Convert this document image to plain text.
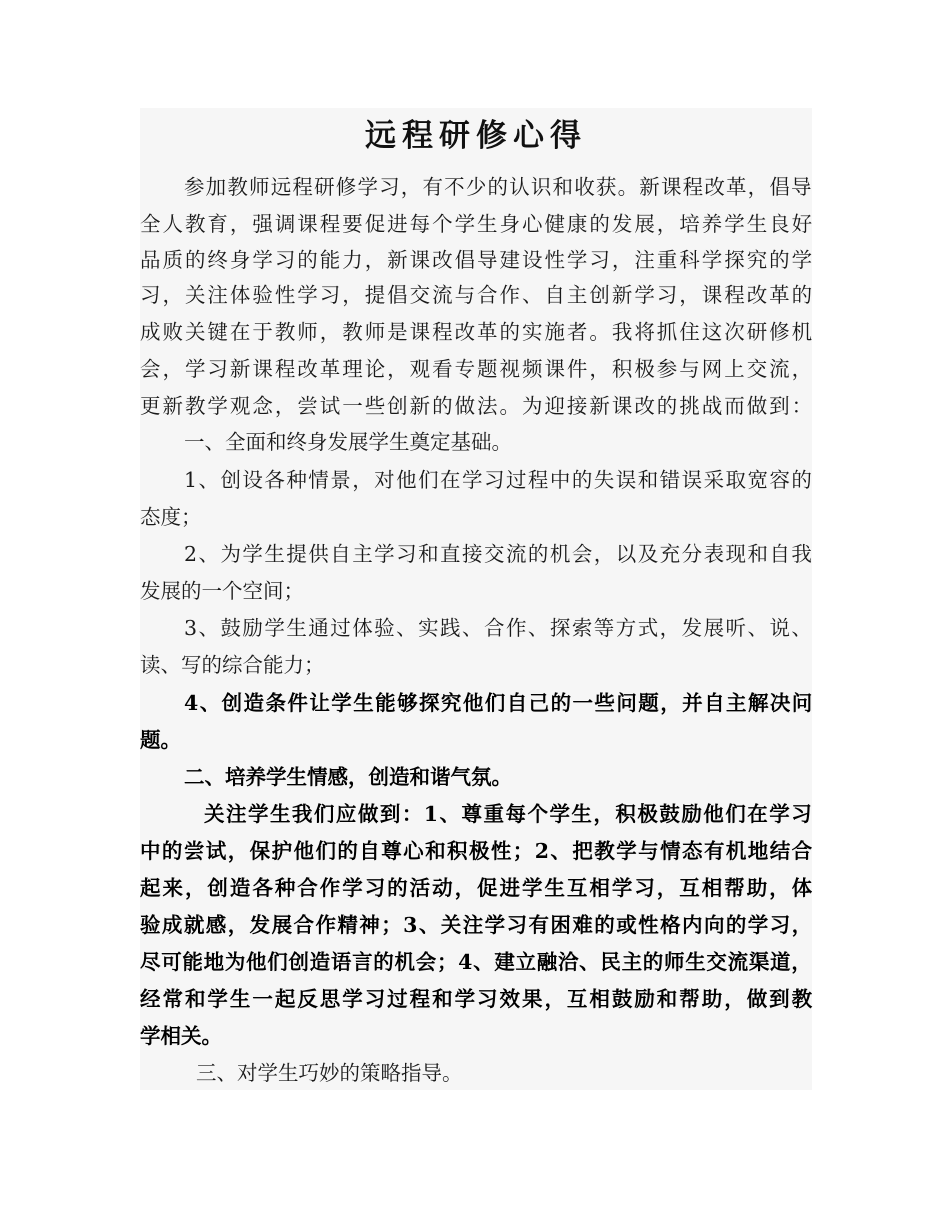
远程研修心得
参加教师远程研修学习，有不少的认识和收获。新课程改革，倡导
全人教育，强调课程要促进每个学生身心健康的发展，培养学生良好
品质的终身学习的能力，新课改倡导建设性学习，注重科学探究的学
习，关注体验性学习，提倡交流与合作、自主创新学习，课程改革的
成败关键在于教师，教师是课程改革的实施者。我将抓住这次研修机
会，学习新课程改革理论，观看专题视频课件，积极参与网上交流，
更新教学观念，尝试一些创新的做法。为迎接新课改的挑战而做到：
一、全面和终身发展学生奠定基础。
1、创设各种情景，对他们在学习过程中的失误和错误采取宽容的
态度；
2、为学生提供自主学习和直接交流的机会，以及充分表现和自我
发展的一个空间；
3、鼓励学生通过体验、实践、合作、探索等方式，发展听、说、
读、写的综合能力；
4、创造条件让学生能够探究他们自己的一些问题，并自主解决问
题。
二、培养学生情感，创造和谐气氛。
关注学生我们应做到：1、尊重每个学生，积极鼓励他们在学习
中的尝试，保护他们的自尊心和积极性；2、把教学与情态有机地结合
起来，创造各种合作学习的活动，促进学生互相学习，互相帮助，体
验成就感，发展合作精神；3、关注学习有困难的或性格内向的学习，
尽可能地为他们创造语言的机会；4、建立融洽、民主的师生交流渠道，
经常和学生一起反思学习过程和学习效果，互相鼓励和帮助，做到教
学相关。
三、对学生巧妙的策略指导。
